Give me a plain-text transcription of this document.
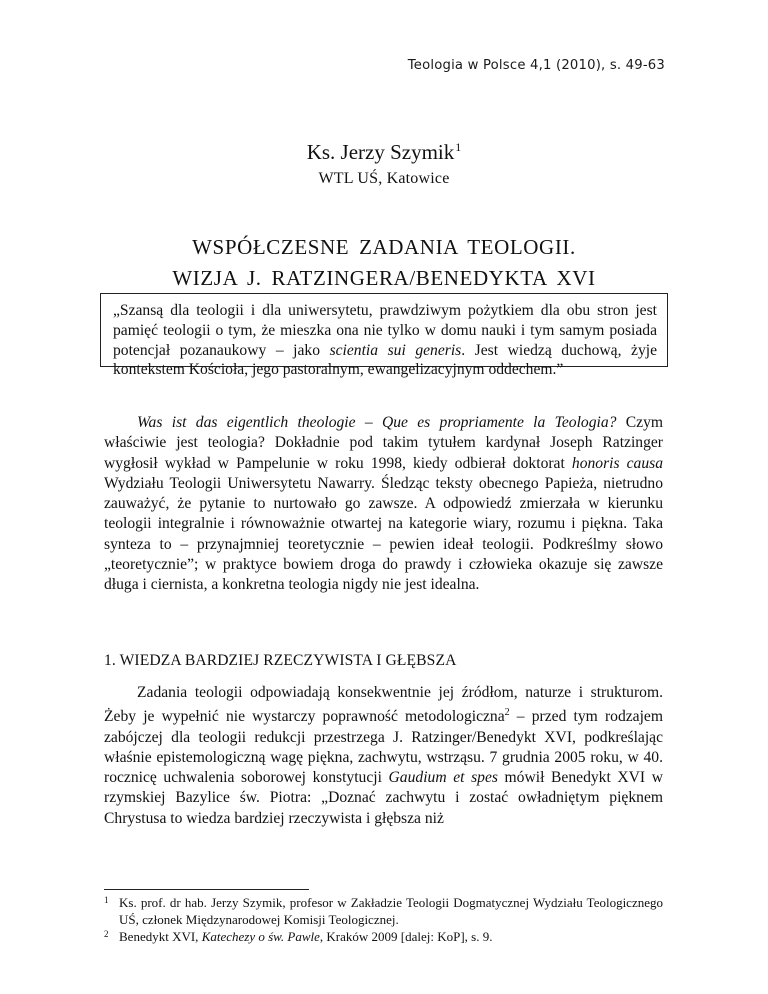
Teologia w Polsce 4,1 (2010), s. 49-63
Ks. Jerzy Szymik$^1$
WTL UŚ, Katowice
WSPÓŁCZESNE ZADANIA TEOLOGII.
WIZJA J. RATZINGERA/BENEDYKTA XVI
„Szansą dla teologii i dla uniwersytetu, prawdziwym pożytkiem dla obu stron jest pamięć teologii o tym, że mieszka ona nie tylko w domu nauki i tym samym posiada potencjał pozanaukowy – jako scientia sui generis. Jest wiedzą duchową, żyje kontekstem Kościoła, jego pastoralnym, ewangelizacyjnym oddechem.”

Was ist das eigentlich theologie – Que es propriamente la Teologia? Czym właściwie jest teologia? Dokładnie pod takim tytułem kardynał Joseph Ratzinger wygłosił wykład w Pampelunie w roku 1998, kiedy odbierał doktorat honoris causa Wydziału Teologii Uniwersytetu Nawarry. Śledząc teksty obecnego Papieża, nietrudno zauważyć, że pytanie to nurtowało go zawsze. A odpowiedź zmierzała w kierunku teologii integralnie i równoważnie otwartej na kategorie wiary, rozumu i piękna. Taka synteza to – przynajmniej teoretycznie – pewien ideał teologii. Podkreślmy słowo „teoretycznie”; w praktyce bowiem droga do prawdy i człowieka okazuje się zawsze długa i ciernista, a konkretna teologia nigdy nie jest idealna.

1. WIEDZA BARDZIEJ RZECZYWISTA I GŁĘBSZA

Zadania teologii odpowiadają konsekwentnie jej źródłom, naturze i strukturom. Żeby je wypełnić nie wystarczy poprawność metodologiczna$^2$ – przed tym rodzajem zabójczej dla teologii redukcji przestrzega J. Ratzinger/Benedykt XVI, podkreślając właśnie epistemologiczną wagę piękna, zachwytu, wstrząsu. 7 grudnia 2005 roku, w 40. rocznicę uchwalenia soborowej konstytucji Gaudium et spes mówił Benedykt XVI w rzymskiej Bazylice św. Piotra: „Doznać zachwytu i zostać owładniętym pięknem Chrystusa to wiedza bardziej rzeczywista i głębsza niż

1 Ks. prof. dr hab. Jerzy Szymik, profesor w Zakładzie Teologii Dogmatycznej Wydziału Teologicznego UŚ, członek Międzynarodowej Komisji Teologicznej.
2 Benedykt XVI, Katechezy o św. Pawle, Kraków 2009 [dalej: KoP], s. 9.
